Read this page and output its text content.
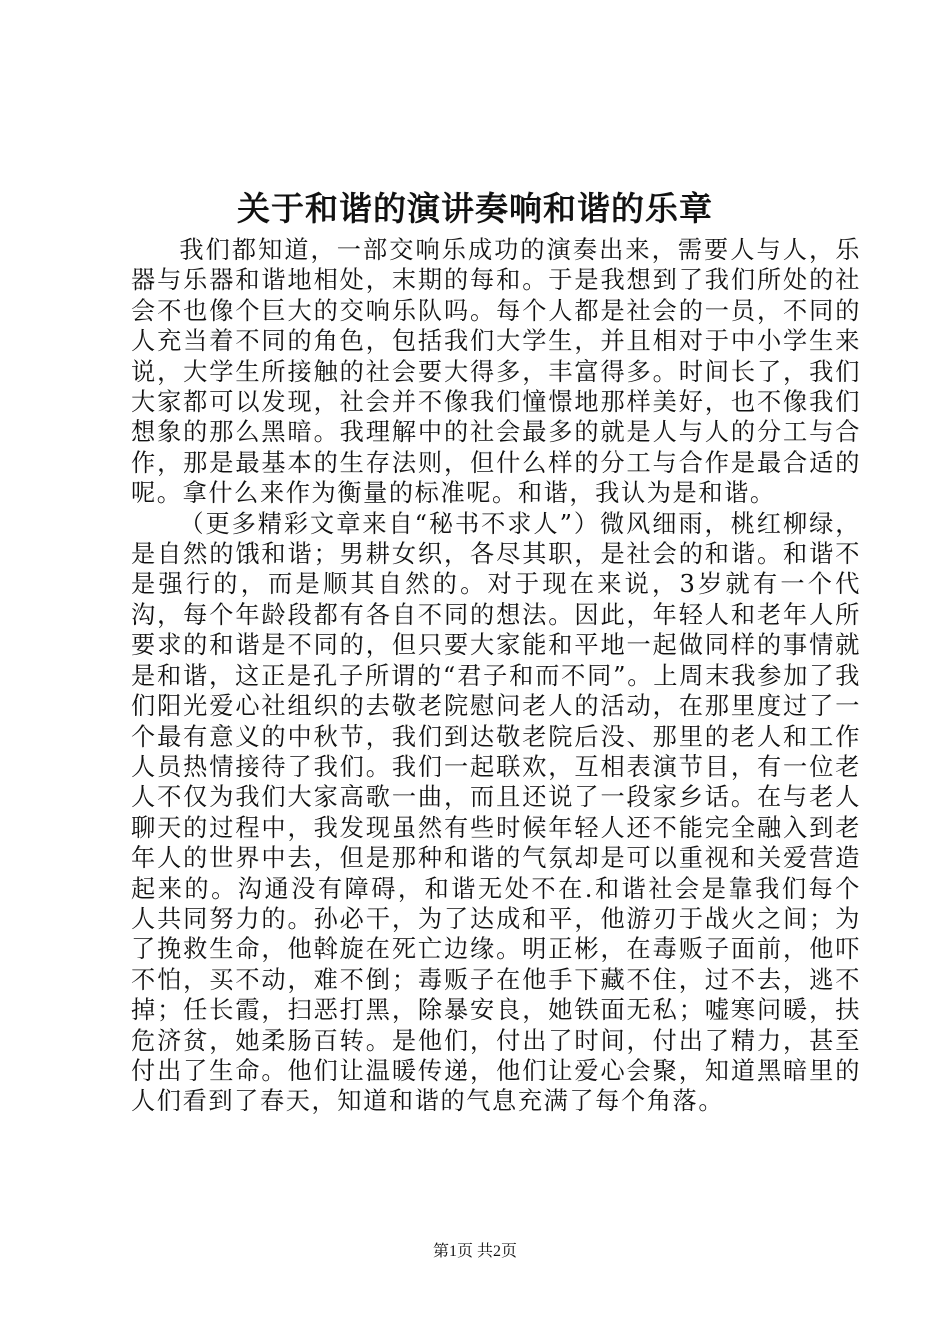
关于和谐的演讲奏响和谐的乐章

我们都知道，一部交响乐成功的演奏出来，需要人与人，乐器与乐器和谐地相处，末期的每和。于是我想到了我们所处的社会不也像个巨大的交响乐队吗。每个人都是社会的一员，不同的人充当着不同的角色，包括我们大学生，并且相对于中小学生来说，大学生所接触的社会要大得多，丰富得多。时间长了，我们大家都可以发现，社会并不像我们憧憬地那样美好，也不像我们想象的那么黑暗。我理解中的社会最多的就是人与人的分工与合作，那是最基本的生存法则，但什么样的分工与合作是最合适的呢。拿什么来作为衡量的标准呢。和谐，我认为是和谐。

（更多精彩文章来自“秘书不求人”）微风细雨，桃红柳绿，是自然的饿和谐；男耕女织，各尽其职，是社会的和谐。和谐不是强行的，而是顺其自然的。对于现在来说，3岁就有一个代沟，每个年龄段都有各自不同的想法。因此，年轻人和老年人所要求的和谐是不同的，但只要大家能和平地一起做同样的事情就是和谐，这正是孔子所谓的“君子和而不同”。上周末我参加了我们阳光爱心社组织的去敬老院慰问老人的活动，在那里度过了一个最有意义的中秋节，我们到达敬老院后没、那里的老人和工作人员热情接待了我们。我们一起联欢，互相表演节目，有一位老人不仅为我们大家高歌一曲，而且还说了一段家乡话。在与老人聊天的过程中，我发现虽然有些时候年轻人还不能完全融入到老年人的世界中去，但是那种和谐的气氛却是可以重视和关爱营造起来的。沟通没有障碍，和谐无处不在.和谐社会是靠我们每个人共同努力的。孙必干，为了达成和平，他游刃于战火之间；为了挽救生命，他斡旋在死亡边缘。明正彬，在毒贩子面前，他吓不怕，买不动，难不倒；毒贩子在他手下藏不住，过不去，逃不掉；任长霞，扫恶打黑，除暴安良，她铁面无私；嘘寒问暖，扶危济贫，她柔肠百转。是他们，付出了时间，付出了精力，甚至付出了生命。他们让温暖传递，他们让爱心会聚，知道黑暗里的人们看到了春天，知道和谐的气息充满了每个角落。

第1页 共2页
